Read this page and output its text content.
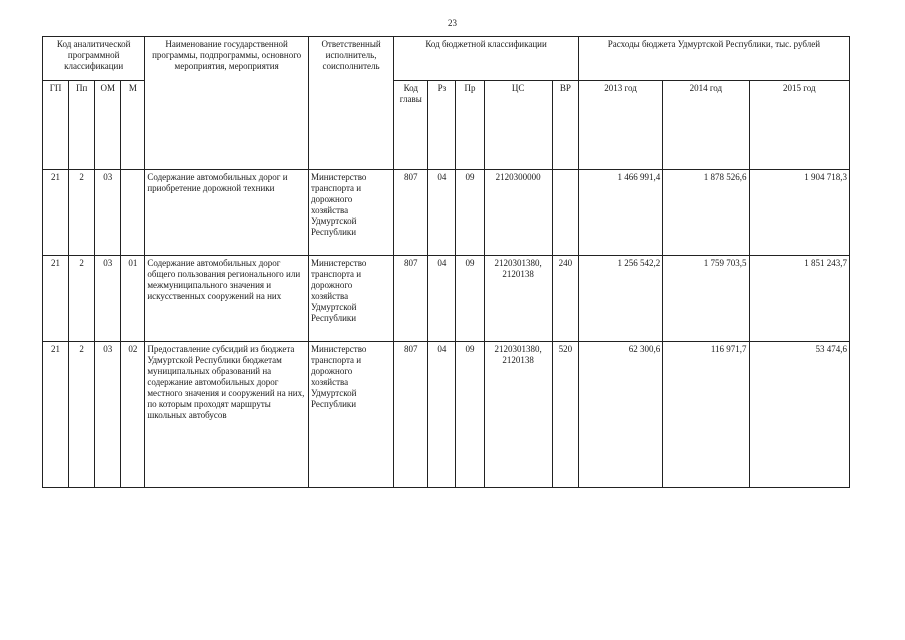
23
Код аналитической программной классификации				Наименование государственной программы, подпрограммы, основного мероприятия, мероприятия	Ответственный исполнитель, соисполнитель	Код бюджетной классификации					Расходы бюджета Удмуртской Республики, тыс. рублей		
ГП	Пп	ОМ	М			Код главы	Рз	Пр	ЦС	ВР	2013 год	2014 год	2015 год
21	2	03		Содержание автомобильных дорог и приобретение дорожной техники	Министерство транспорта и дорожного хозяйства Удмуртской Республики	807	04	09	2120300000		1 466 991,4	1 878 526,6	1 904 718,3
21	2	03	01	Содержание автомобильных дорог общего пользования регионального или межмуниципального значения и искусственных сооружений на них	Министерство транспорта и дорожного хозяйства Удмуртской Республики	807	04	09	2120301380, 2120138	240	1 256 542,2	1 759 703,5	1 851 243,7
21	2	03	02	Предоставление субсидий из бюджета Удмуртской Республики бюджетам муниципальных образований на содержание автомобильных дорог местного значения и сооружений на них, по которым проходят маршруты школьных автобусов	Министерство транспорта и дорожного хозяйства Удмуртской Республики	807	04	09	2120301380, 2120138	520	62 300,6	116 971,7	53 474,6
